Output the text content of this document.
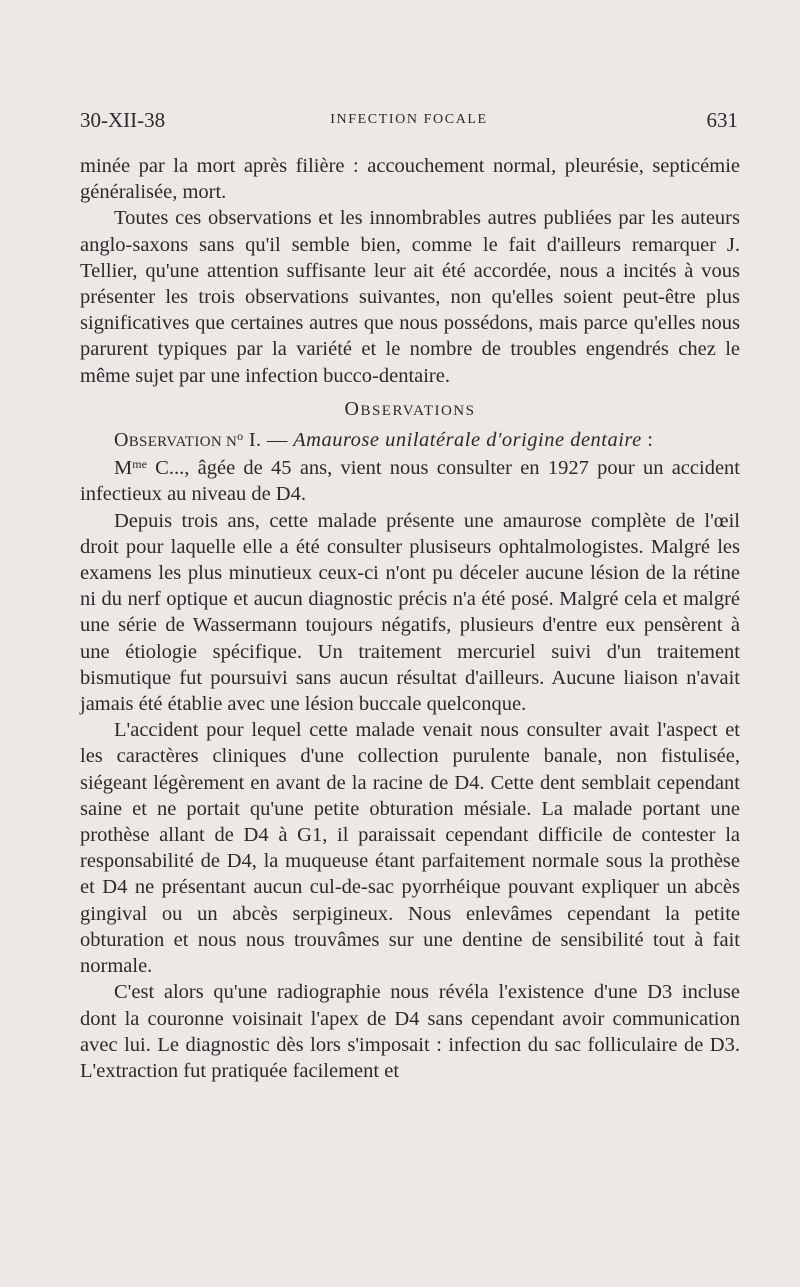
30-XII-38	INFECTION FOCALE	631

minée par la mort après filière : accouchement normal, pleurésie, septicémie généralisée, mort.

Toutes ces observations et les innombrables autres publiées par les auteurs anglo-saxons sans qu'il semble bien, comme le fait d'ailleurs remarquer J. Tellier, qu'une attention suffisante leur ait été accordée, nous a incités à vous présenter les trois observations suivantes, non qu'elles soient peut-être plus significatives que certaines autres que nous possédons, mais parce qu'elles nous parurent typiques par la variété et le nombre de troubles engendrés chez le même sujet par une infection bucco-dentaire.

OBSERVATIONS

OBSERVATION $N^o$ I. — Amaurose unilatérale d'origine dentaire :

$M^{me}$ C..., âgée de 45 ans, vient nous consulter en 1927 pour un accident infectieux au niveau de D4.

Depuis trois ans, cette malade présente une amaurose complète de l'œil droit pour laquelle elle a été consulter plusiseurs ophtalmologistes. Malgré les examens les plus minutieux ceux-ci n'ont pu déceler aucune lésion de la rétine ni du nerf optique et aucun diagnostic précis n'a été posé. Malgré cela et malgré une série de Wassermann toujours négatifs, plusieurs d'entre eux pensèrent à une étiologie spécifique. Un traitement mercuriel suivi d'un traitement bismutique fut poursuivi sans aucun résultat d'ailleurs. Aucune liaison n'avait jamais été établie avec une lésion buccale quelconque.

L'accident pour lequel cette malade venait nous consulter avait l'aspect et les caractères cliniques d'une collection purulente banale, non fistulisée, siégeant légèrement en avant de la racine de D4. Cette dent semblait cependant saine et ne portait qu'une petite obturation mésiale. La malade portant une prothèse allant de D4 à G1, il paraissait cependant difficile de contester la responsabilité de D4, la muqueuse étant parfaitement normale sous la prothèse et D4 ne présentant aucun cul-de-sac pyorrhéique pouvant expliquer un abcès gingival ou un abcès serpigineux. Nous enlevâmes cependant la petite obturation et nous nous trouvâmes sur une dentine de sensibilité tout à fait normale.

C'est alors qu'une radiographie nous révéla l'existence d'une D3 incluse dont la couronne voisinait l'apex de D4 sans cependant avoir communication avec lui. Le diagnostic dès lors s'imposait : infection du sac folliculaire de D3. L'extraction fut pratiquée facilement et
